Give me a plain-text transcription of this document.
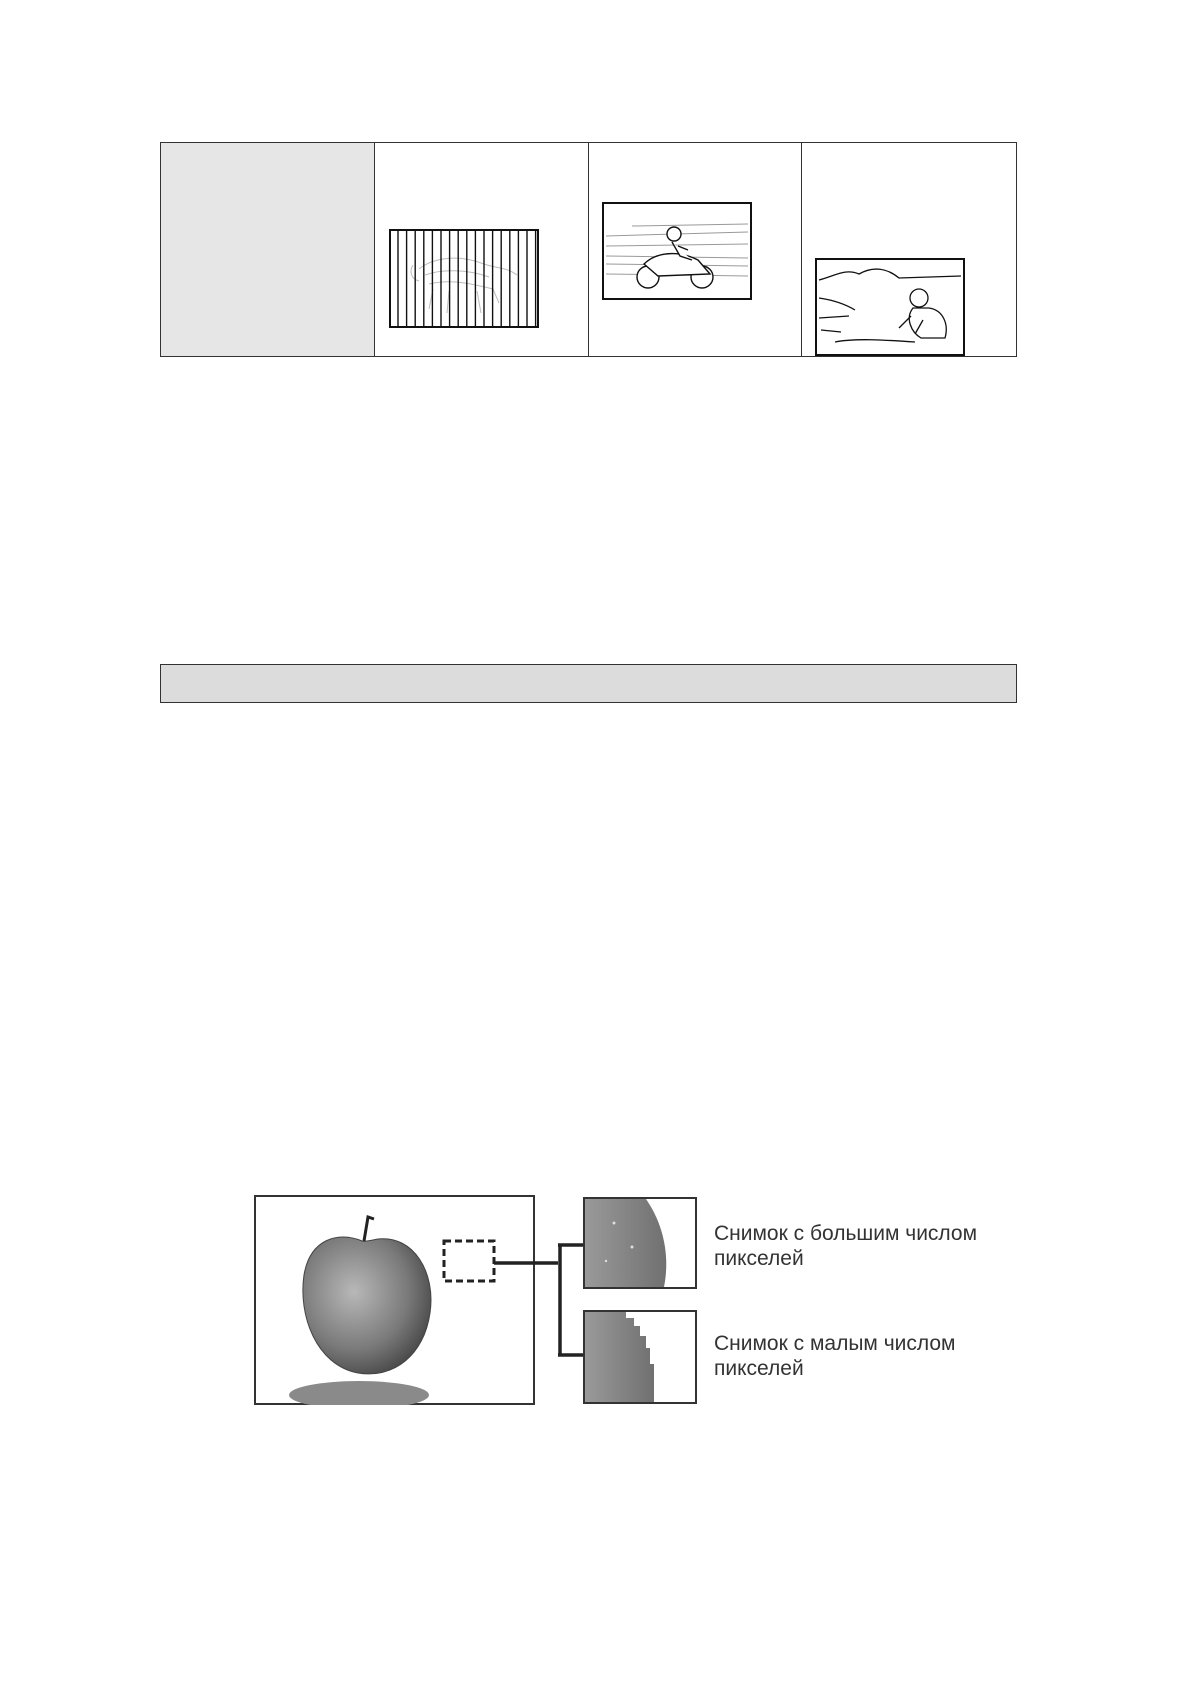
Снимок с большим числом
пикселей
Снимок с малым числом
пикселей
